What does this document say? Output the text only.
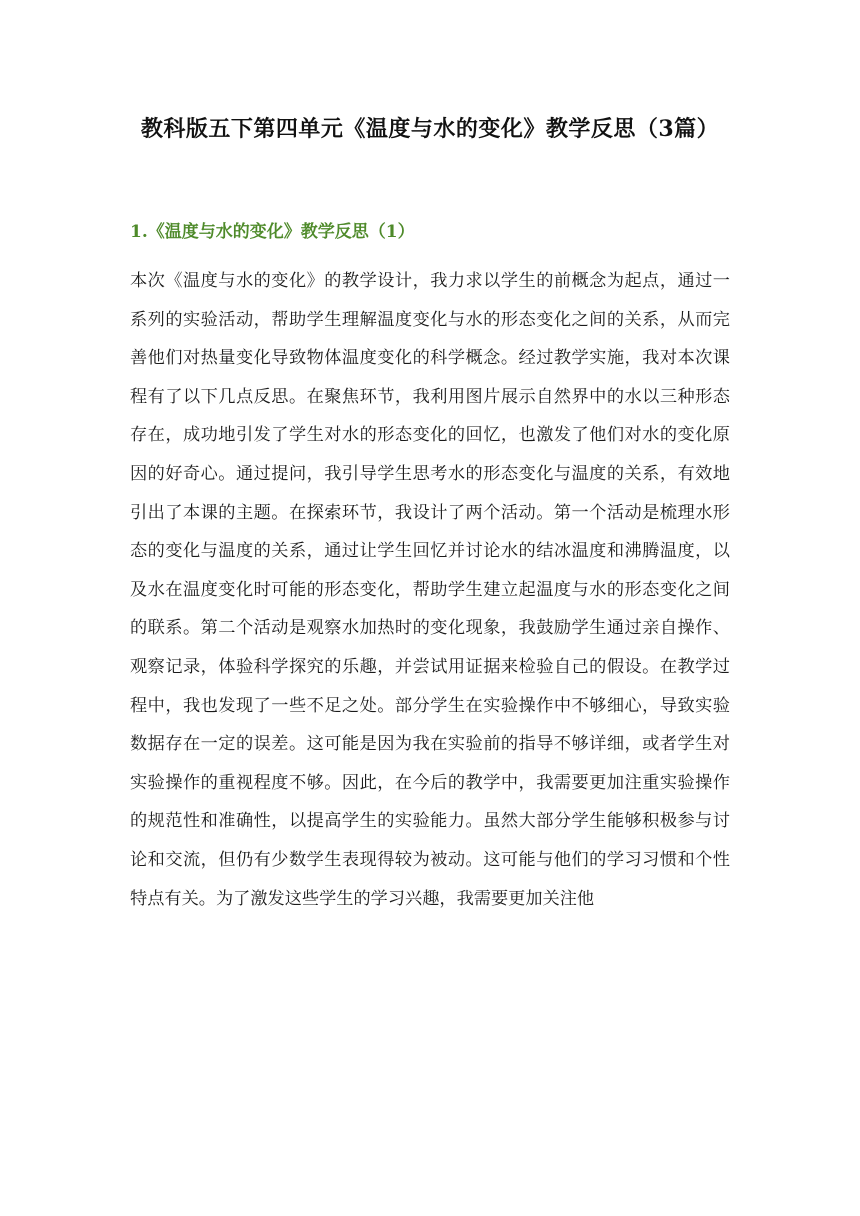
教科版五下第四单元《温度与水的变化》教学反思（3篇）
1.《温度与水的变化》教学反思（1）

本次《温度与水的变化》的教学设计，我力求以学生的前概念为起点，通过一系列的实验活动，帮助学生理解温度变化与水的形态变化之间的关系，从而完善他们对热量变化导致物体温度变化的科学概念。经过教学实施，我对本次课程有了以下几点反思。在聚焦环节，我利用图片展示自然界中的水以三种形态存在，成功地引发了学生对水的形态变化的回忆，也激发了他们对水的变化原因的好奇心。通过提问，我引导学生思考水的形态变化与温度的关系，有效地引出了本课的主题。在探索环节，我设计了两个活动。第一个活动是梳理水形态的变化与温度的关系，通过让学生回忆并讨论水的结冰温度和沸腾温度，以及水在温度变化时可能的形态变化，帮助学生建立起温度与水的形态变化之间的联系。第二个活动是观察水加热时的变化现象，我鼓励学生通过亲自操作、观察记录，体验科学探究的乐趣，并尝试用证据来检验自己的假设。在教学过程中，我也发现了一些不足之处。部分学生在实验操作中不够细心，导致实验数据存在一定的误差。这可能是因为我在实验前的指导不够详细，或者学生对实验操作的重视程度不够。因此，在今后的教学中，我需要更加注重实验操作的规范性和准确性，以提高学生的实验能力。虽然大部分学生能够积极参与讨论和交流，但仍有少数学生表现得较为被动。这可能与他们的学习习惯和个性特点有关。为了激发这些学生的学习兴趣，我需要更加关注他
